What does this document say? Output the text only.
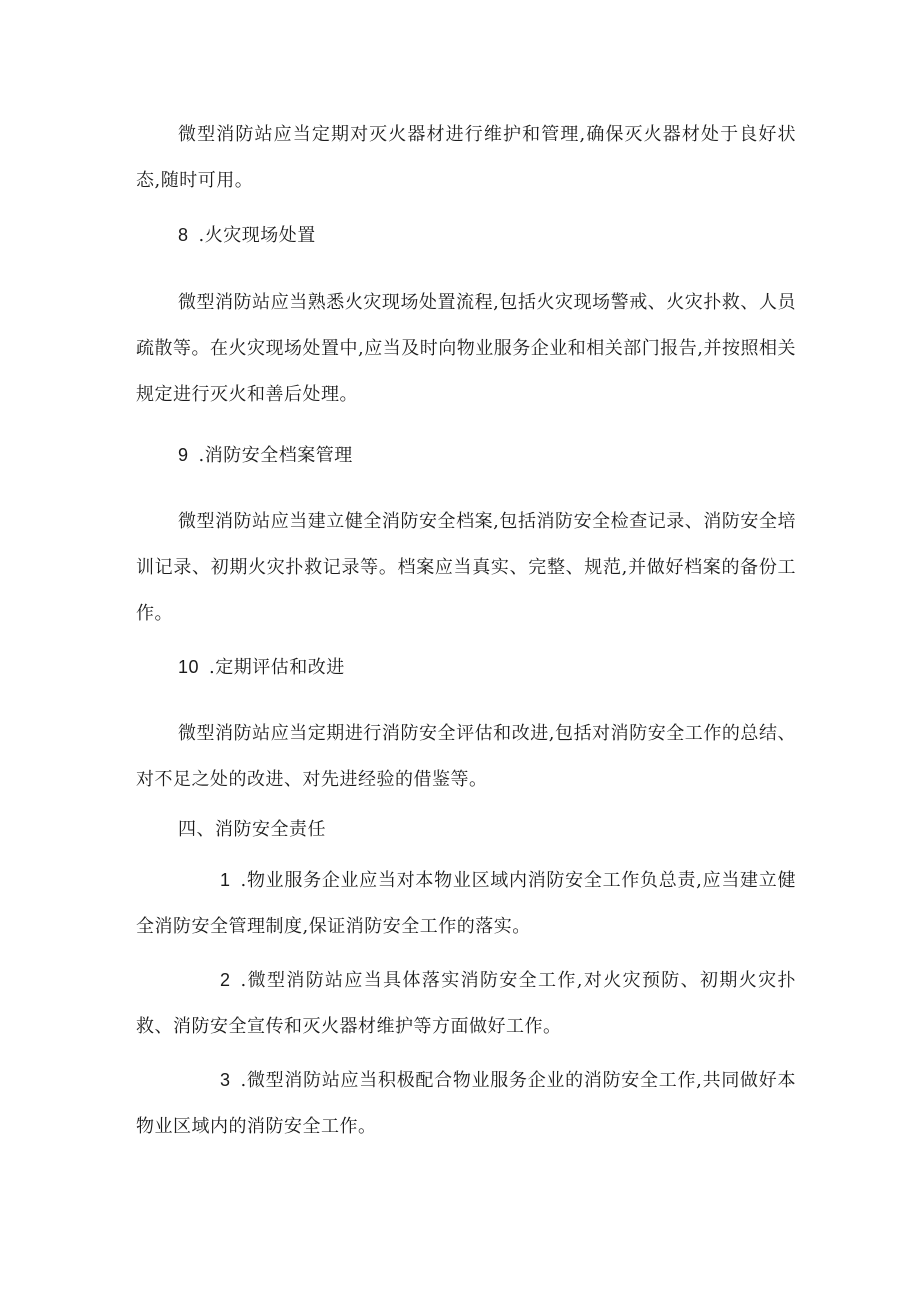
微型消防站应当定期对灭火器材进行维护和管理,确保灭火器材处于良好状态,随时可用。
8 .火灾现场处置
微型消防站应当熟悉火灾现场处置流程,包括火灾现场警戒、火灾扑救、人员疏散等。在火灾现场处置中,应当及时向物业服务企业和相关部门报告,并按照相关规定进行灭火和善后处理。
9 .消防安全档案管理
微型消防站应当建立健全消防安全档案,包括消防安全检查记录、消防安全培训记录、初期火灾扑救记录等。档案应当真实、完整、规范,并做好档案的备份工作。
10 .定期评估和改进
微型消防站应当定期进行消防安全评估和改进,包括对消防安全工作的总结、对不足之处的改进、对先进经验的借鉴等。
四、消防安全责任
1 .物业服务企业应当对本物业区域内消防安全工作负总责,应当建立健全消防安全管理制度,保证消防安全工作的落实。
2 .微型消防站应当具体落实消防安全工作,对火灾预防、初期火灾扑救、消防安全宣传和灭火器材维护等方面做好工作。
3 .微型消防站应当积极配合物业服务企业的消防安全工作,共同做好本物业区域内的消防安全工作。
